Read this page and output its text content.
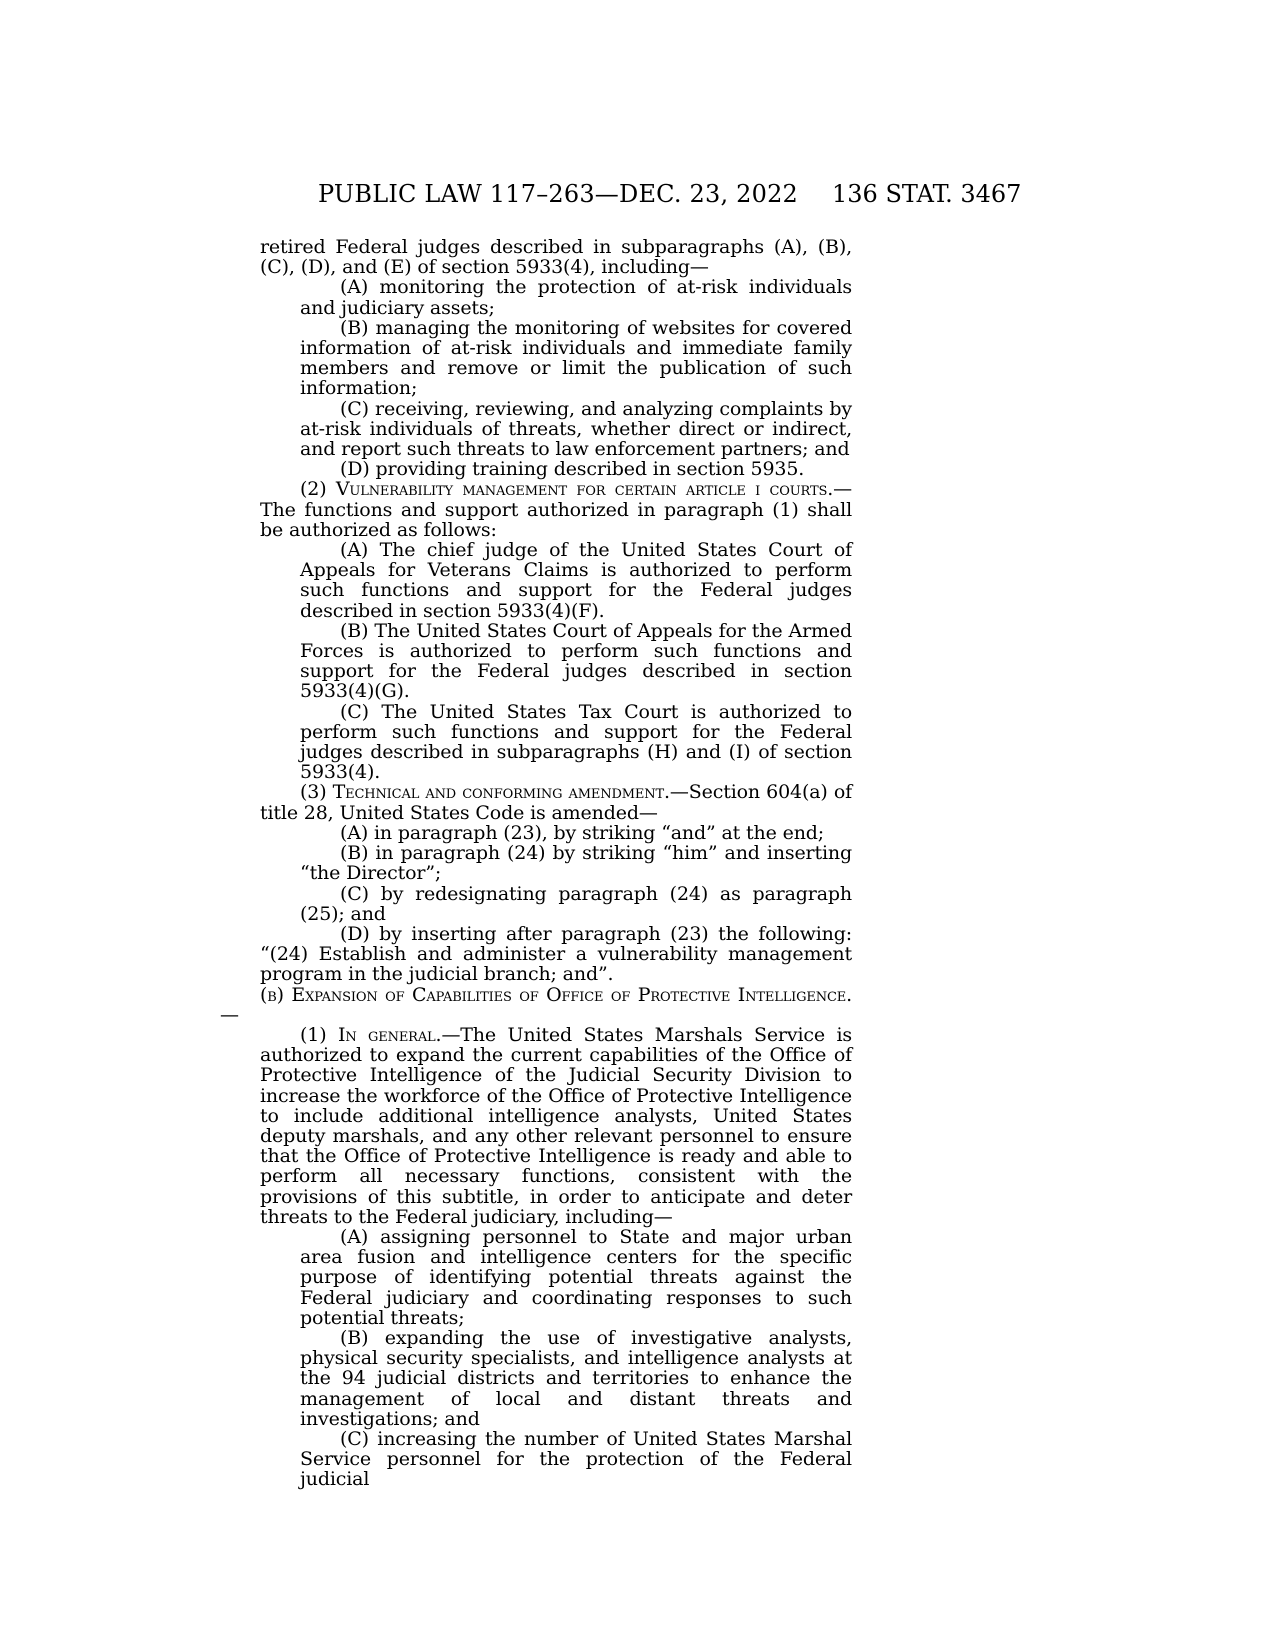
PUBLIC LAW 117–263—DEC. 23, 2022 136 STAT. 3467

retired Federal judges described in subparagraphs (A), (B), (C), (D), and (E) of section 5933(4), including—

(A) monitoring the protection of at-risk individuals and judiciary assets;

(B) managing the monitoring of websites for covered information of at-risk individuals and immediate family members and remove or limit the publication of such information;

(C) receiving, reviewing, and analyzing complaints by at-risk individuals of threats, whether direct or indirect, and report such threats to law enforcement partners; and

(D) providing training described in section 5935.

(2) Vulnerability management for certain article i courts.—The functions and support authorized in paragraph (1) shall be authorized as follows:

(A) The chief judge of the United States Court of Appeals for Veterans Claims is authorized to perform such functions and support for the Federal judges described in section 5933(4)(F).

(B) The United States Court of Appeals for the Armed Forces is authorized to perform such functions and support for the Federal judges described in section 5933(4)(G).

(C) The United States Tax Court is authorized to perform such functions and support for the Federal judges described in subparagraphs (H) and (I) of section 5933(4).

(3) Technical and conforming amendment.—Section 604(a) of title 28, United States Code is amended—

(A) in paragraph (23), by striking “and” at the end;

(B) in paragraph (24) by striking “him” and inserting “the Director”;

(C) by redesignating paragraph (24) as paragraph (25); and

(D) by inserting after paragraph (23) the following: “(24) Establish and administer a vulnerability management program in the judicial branch; and”.

(b) Expansion of Capabilities of Office of Protective Intelligence.—

(1) In general.—The United States Marshals Service is authorized to expand the current capabilities of the Office of Protective Intelligence of the Judicial Security Division to increase the workforce of the Office of Protective Intelligence to include additional intelligence analysts, United States deputy marshals, and any other relevant personnel to ensure that the Office of Protective Intelligence is ready and able to perform all necessary functions, consistent with the provisions of this subtitle, in order to anticipate and deter threats to the Federal judiciary, including—

(A) assigning personnel to State and major urban area fusion and intelligence centers for the specific purpose of identifying potential threats against the Federal judiciary and coordinating responses to such potential threats;

(B) expanding the use of investigative analysts, physical security specialists, and intelligence analysts at the 94 judicial districts and territories to enhance the management of local and distant threats and investigations; and

(C) increasing the number of United States Marshal Service personnel for the protection of the Federal judicial
